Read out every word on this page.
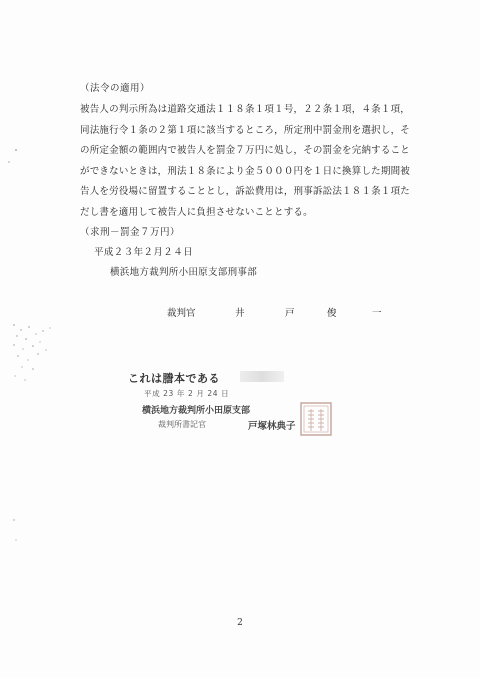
（法令の適用）
被告人の判示所為は道路交通法１１８条１項１号，２２条１項，４条１項，同法施行令１条の２第１項に該当するところ，所定刑中罰金刑を選択し，その所定金額の範囲内で被告人を罰金７万円に処し，その罰金を完納することができないときは，刑法１８条により金５０００円を１日に換算した期間被告人を労役場に留置することとし，訴訟費用は，刑事訴訟法１８１条１項ただし書を適用して被告人に負担させないこととする。
（求刑－罰金７万円）
平成２３年２月２４日
横浜地方裁判所小田原支部刑事部
裁判官	井	戸	俊	一
これは謄本である
平成 23 年 2 月 24 日
横浜地方裁判所小田原支部
裁判所書記官	戸塚林典子
2
